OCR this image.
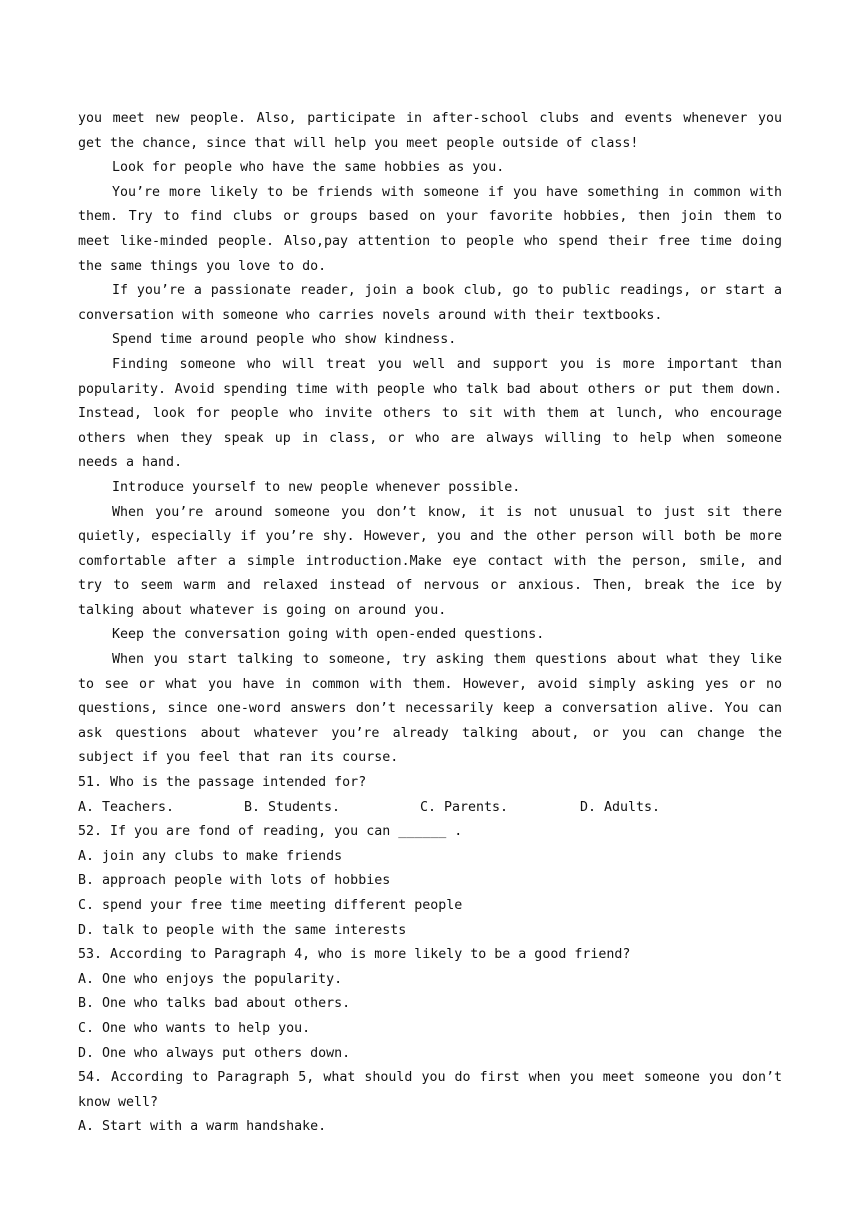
you meet new people. Also, participate in after-school clubs and events whenever you get the chance, since that will help you meet people outside of class!

Look for people who have the same hobbies as you.

You’re more likely to be friends with someone if you have something in common with them. Try to find clubs or groups based on your favorite hobbies, then join them to meet like-minded people. Also,pay attention to people who spend their free time doing the same things you love to do.

If you’re a passionate reader, join a book club, go to public readings, or start a conversation with someone who carries novels around with their textbooks.

Spend time around people who show kindness.

Finding someone who will treat you well and support you is more important than popularity. Avoid spending time with people who talk bad about others or put them down. Instead, look for people who invite others to sit with them at lunch, who encourage others when they speak up in class, or who are always willing to help when someone needs a hand.

Introduce yourself to new people whenever possible.

When you’re around someone you don’t know, it is not unusual to just sit there quietly, especially if you’re shy. However, you and the other person will both be more comfortable after a simple introduction.Make eye contact with the person, smile, and try to seem warm and relaxed instead of nervous or anxious. Then, break the ice by talking about whatever is going on around you.

Keep the conversation going with open-ended questions.

When you start talking to someone, try asking them questions about what they like to see or what you have in common with them. However, avoid simply asking yes or no questions, since one-word answers don’t necessarily keep a conversation alive. You can ask questions about whatever you’re already talking about, or you can change the subject if you feel that ran its course.

51. Who is the passage intended for?

A. Teachers.	B. Students.	C. Parents.	D. Adults.

52. If you are fond of reading, you can ______ .

A. join any clubs to make friends

B. approach people with lots of hobbies

C. spend your free time meeting different people

D. talk to people with the same interests

53. According to Paragraph 4, who is more likely to be a good friend?

A. One who enjoys the popularity.

B. One who talks bad about others.

C. One who wants to help you.

D. One who always put others down.

54. According to Paragraph 5, what should you do first when you meet someone you don’t know well?

A. Start with a warm handshake.
